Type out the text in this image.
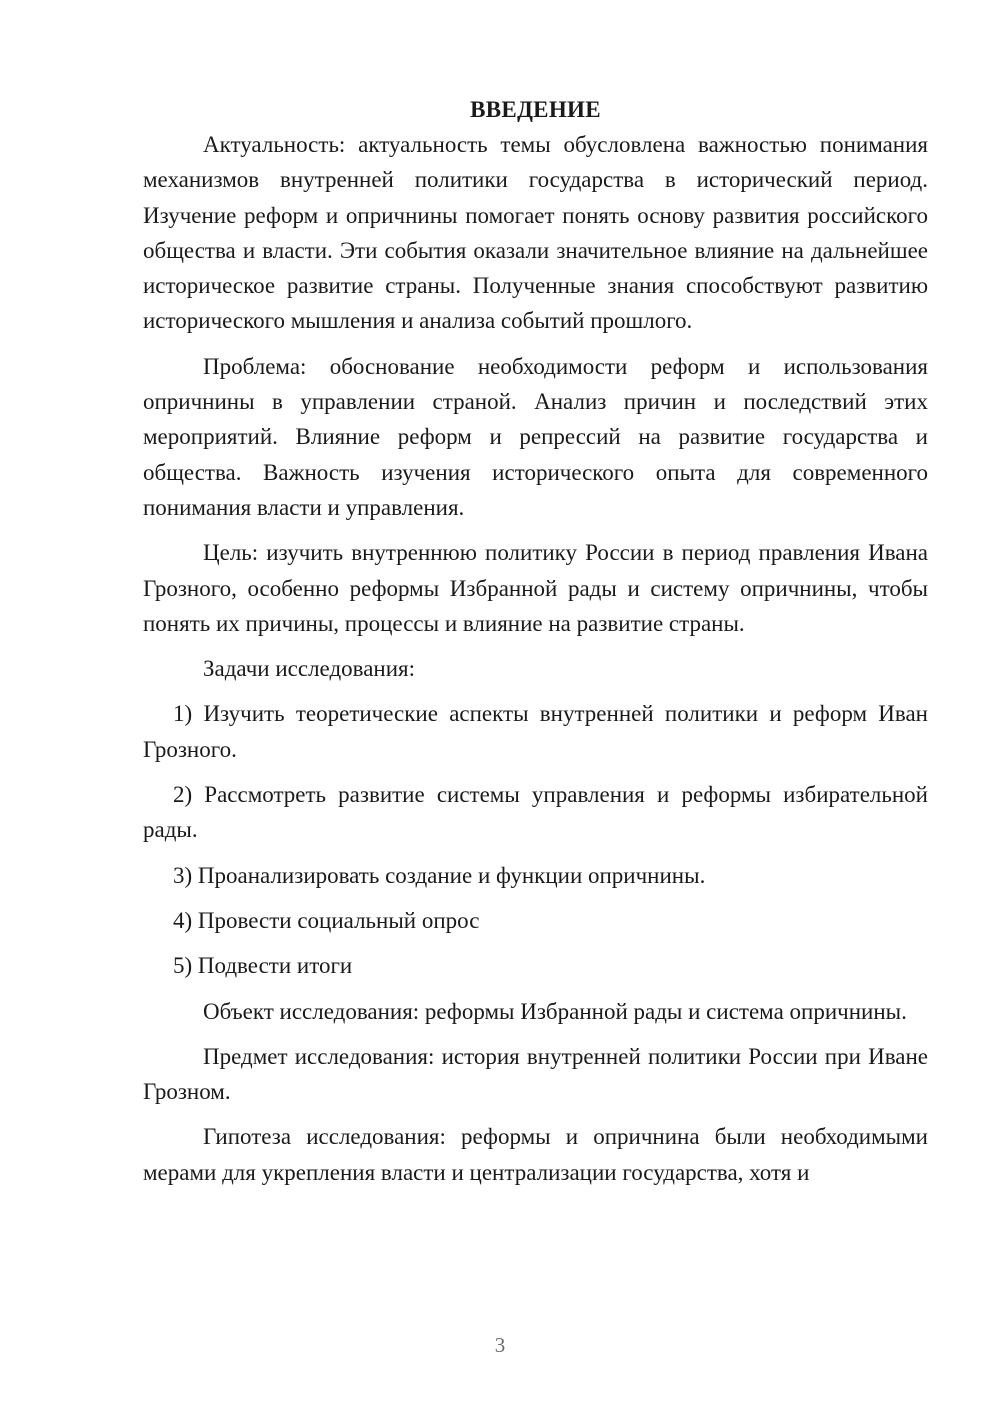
ВВЕДЕНИЕ

Актуальность: актуальность темы обусловлена важностью понимания механизмов внутренней политики государства в исторический период. Изучение реформ и опричнины помогает понять основу развития российского общества и власти. Эти события оказали значительное влияние на дальнейшее историческое развитие страны. Полученные знания способствуют развитию исторического мышления и анализа событий прошлого.

Проблема: обоснование необходимости реформ и использования опричнины в управлении страной. Анализ причин и последствий этих мероприятий. Влияние реформ и репрессий на развитие государства и общества. Важность изучения исторического опыта для современного понимания власти и управления.

Цель: изучить внутреннюю политику России в период правления Ивана Грозного, особенно реформы Избранной рады и систему опричнины, чтобы понять их причины, процессы и влияние на развитие страны.

Задачи исследования:

1) Изучить теоретические аспекты внутренней политики и реформ Иван Грозного.
2) Рассмотреть развитие системы управления и реформы избирательной рады.
3) Проанализировать создание и функции опричнины.
4) Провести социальный опрос
5) Подвести итоги

Объект исследования: реформы Избранной рады и система опричнины.

Предмет исследования: история внутренней политики России при Иване Грозном.

Гипотеза исследования: реформы и опричнина были необходимыми мерами для укрепления власти и централизации государства, хотя и

3
